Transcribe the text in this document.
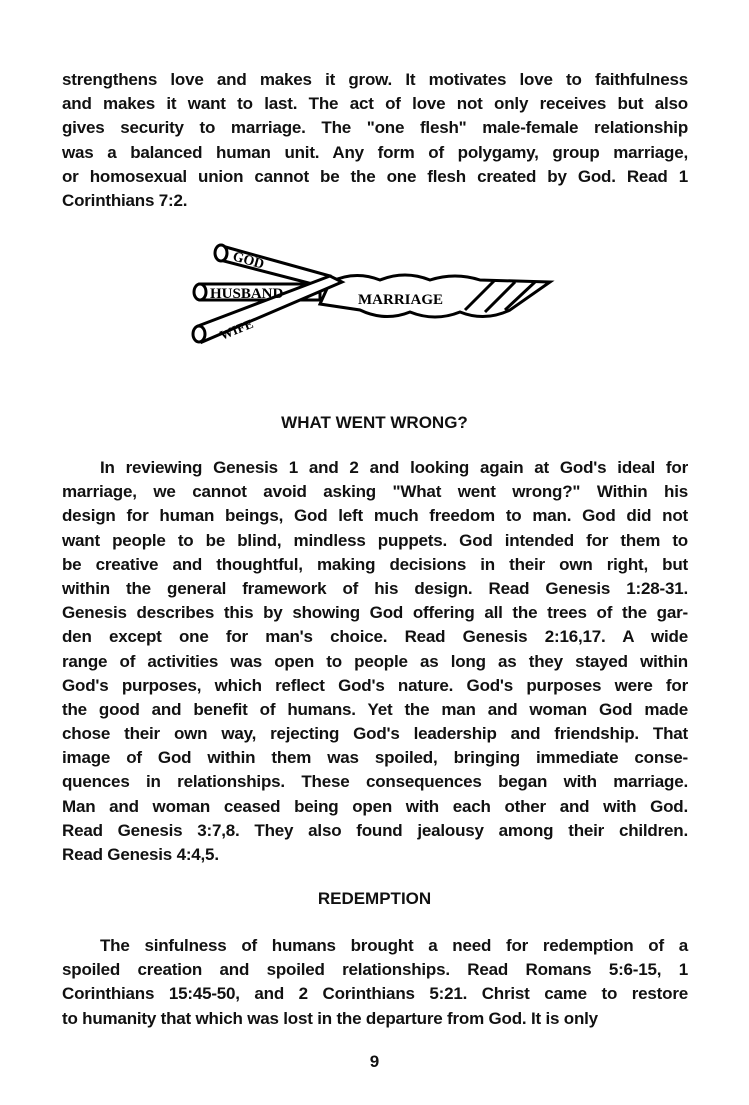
strengthens love and makes it grow. It motivates love to faithfulness
and makes it want to last. The act of love not only receives but also
gives security to marriage. The "one flesh" male-female relationship
was a balanced human unit. Any form of polygamy, group marriage,
or homosexual union cannot be the one flesh created by God. Read 1
Corinthians 7:2.
GOD
HUSBAND
WIFE
MARRIAGE
WHAT WENT WRONG?
In reviewing Genesis 1 and 2 and looking again at God's ideal for
marriage, we cannot avoid asking "What went wrong?" Within his
design for human beings, God left much freedom to man. God did not
want people to be blind, mindless puppets. God intended for them to
be creative and thoughtful, making decisions in their own right, but
within the general framework of his design. Read Genesis 1:28-31.
Genesis describes this by showing God offering all the trees of the gar-
den except one for man's choice. Read Genesis 2:16,17. A wide
range of activities was open to people as long as they stayed within
God's purposes, which reflect God's nature. God's purposes were for
the good and benefit of humans. Yet the man and woman God made
chose their own way, rejecting God's leadership and friendship. That
image of God within them was spoiled, bringing immediate conse-
quences in relationships. These consequences began with marriage.
Man and woman ceased being open with each other and with God.
Read Genesis 3:7,8. They also found jealousy among their children.
Read Genesis 4:4,5.
REDEMPTION
The sinfulness of humans brought a need for redemption of a
spoiled creation and spoiled relationships. Read Romans 5:6-15, 1
Corinthians 15:45-50, and 2 Corinthians 5:21. Christ came to restore
to humanity that which was lost in the departure from God. It is only
9
